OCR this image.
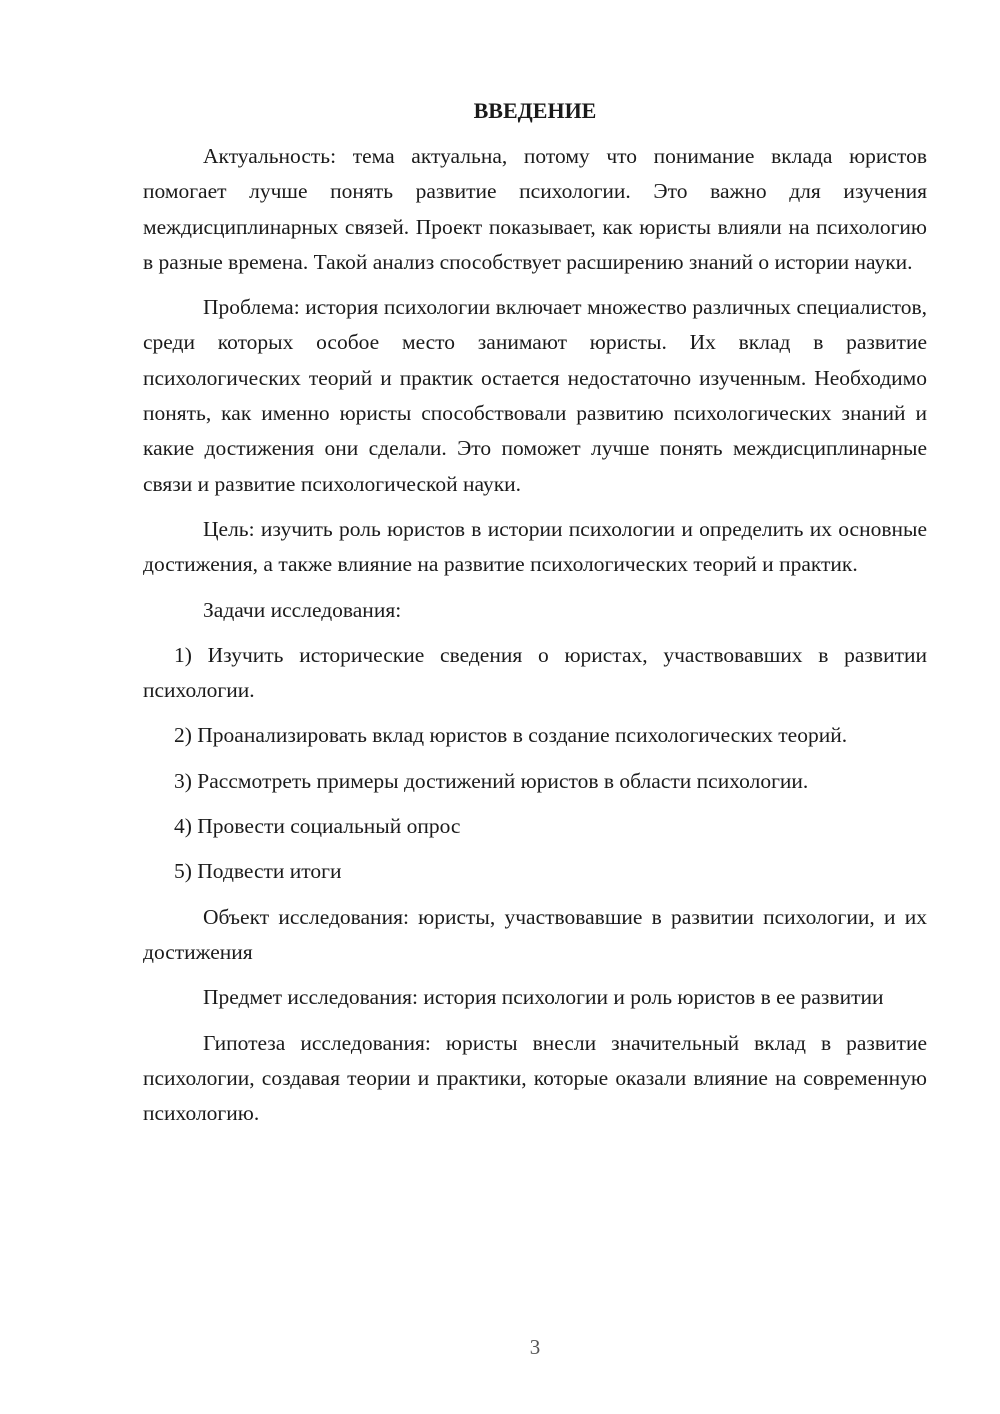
ВВЕДЕНИЕ

Актуальность: тема актуальна, потому что понимание вклада юристов помогает лучше понять развитие психологии. Это важно для изучения междисциплинарных связей. Проект показывает, как юристы влияли на психологию в разные времена. Такой анализ способствует расширению знаний о истории науки.

Проблема: история психологии включает множество различных специалистов, среди которых особое место занимают юристы. Их вклад в развитие психологических теорий и практик остается недостаточно изученным. Необходимо понять, как именно юристы способствовали развитию психологических знаний и какие достижения они сделали. Это поможет лучше понять междисциплинарные связи и развитие психологической науки.

Цель: изучить роль юристов в истории психологии и определить их основные достижения, а также влияние на развитие психологических теорий и практик.

Задачи исследования:

1) Изучить исторические сведения о юристах, участвовавших в развитии психологии.

2) Проанализировать вклад юристов в создание психологических теорий.

3) Рассмотреть примеры достижений юристов в области психологии.

4) Провести социальный опрос

5) Подвести итоги

Объект исследования: юристы, участвовавшие в развитии психологии, и их достижения

Предмет исследования: история психологии и роль юристов в ее развитии

Гипотеза исследования: юристы внесли значительный вклад в развитие психологии, создавая теории и практики, которые оказали влияние на современную психологию.

3
